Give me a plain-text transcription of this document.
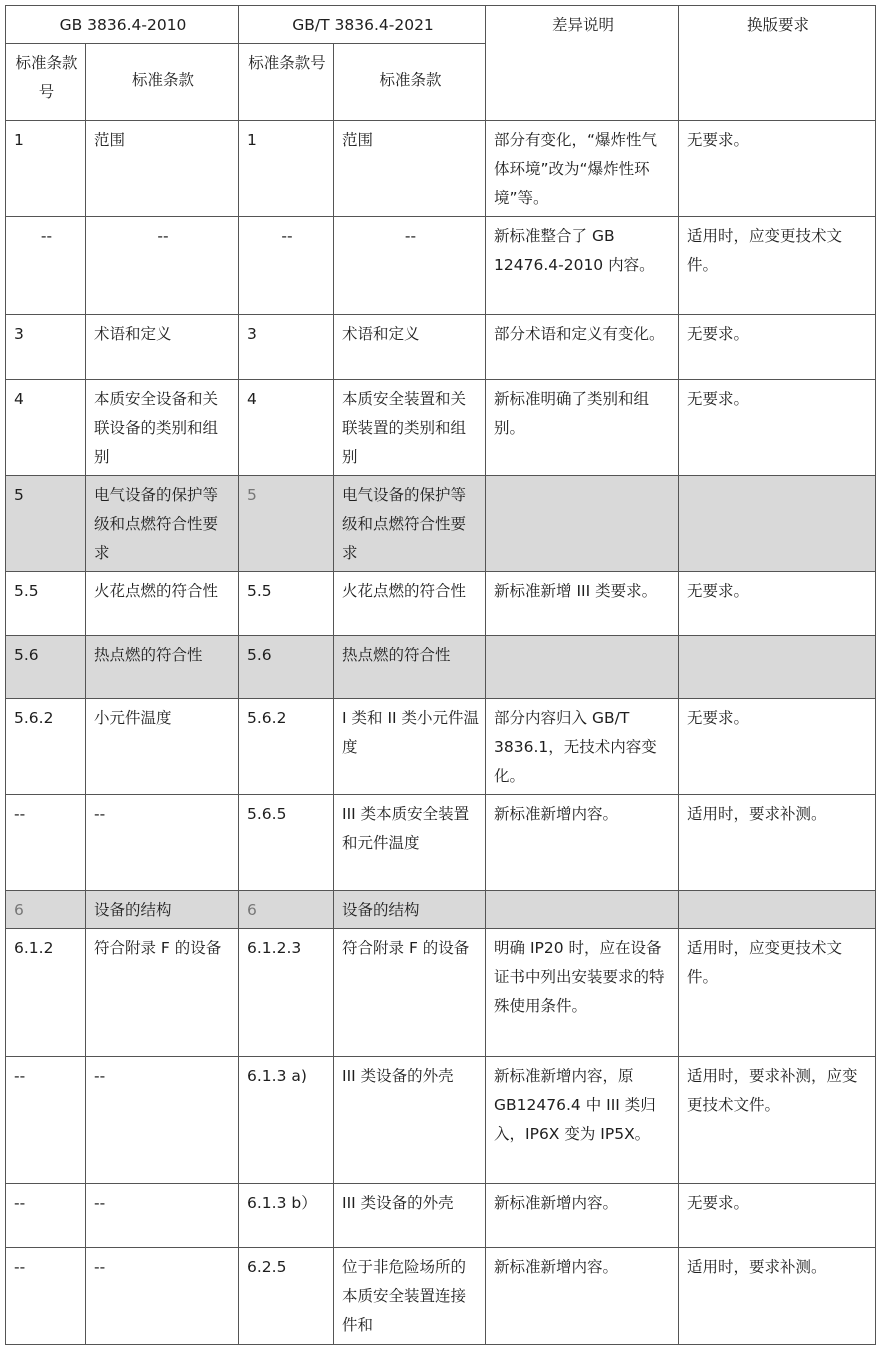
GB 3836.4-2010		GB/T 3836.4-2021		差异说明	换版要求
标准条款号	标准条款	标准条款号	标准条款		
1	范围	1	范围	部分有变化，“爆炸性气体环境”改为“爆炸性环境”等。	无要求。
--	--	--	--	新标准整合了 GB 12476.4-2010 内容。	适用时，应变更技术文件。
3	术语和定义	3	术语和定义	部分术语和定义有变化。	无要求。
4	本质安全设备和关联设备的类别和组别	4	本质安全装置和关联装置的类别和组别	新标准明确了类别和组别。	无要求。
5	电气设备的保护等级和点燃符合性要求	5	电气设备的保护等级和点燃符合性要求		
5.5	火花点燃的符合性	5.5	火花点燃的符合性	新标准新增 III 类要求。	无要求。
5.6	热点燃的符合性	5.6	热点燃的符合性		
5.6.2	小元件温度	5.6.2	I 类和 II 类小元件温度	部分内容归入 GB/T 3836.1，无技术内容变化。	无要求。
--	--	5.6.5	III 类本质安全装置和元件温度	新标准新增内容。	适用时，要求补测。
6	设备的结构	6	设备的结构		
6.1.2	符合附录 F 的设备	6.1.2.3	符合附录 F 的设备	明确 IP20 时，应在设备证书中列出安装要求的特殊使用条件。	适用时，应变更技术文件。
--	--	6.1.3 a)	III 类设备的外壳	新标准新增内容，原 GB12476.4 中 III 类归入，IP6X 变为 IP5X。	适用时，要求补测，应变更技术文件。
--	--	6.1.3 b）	III 类设备的外壳	新标准新增内容。	无要求。
--	--	6.2.5	位于非危险场所的本质安全装置连接件和	新标准新增内容。	适用时，要求补测。
